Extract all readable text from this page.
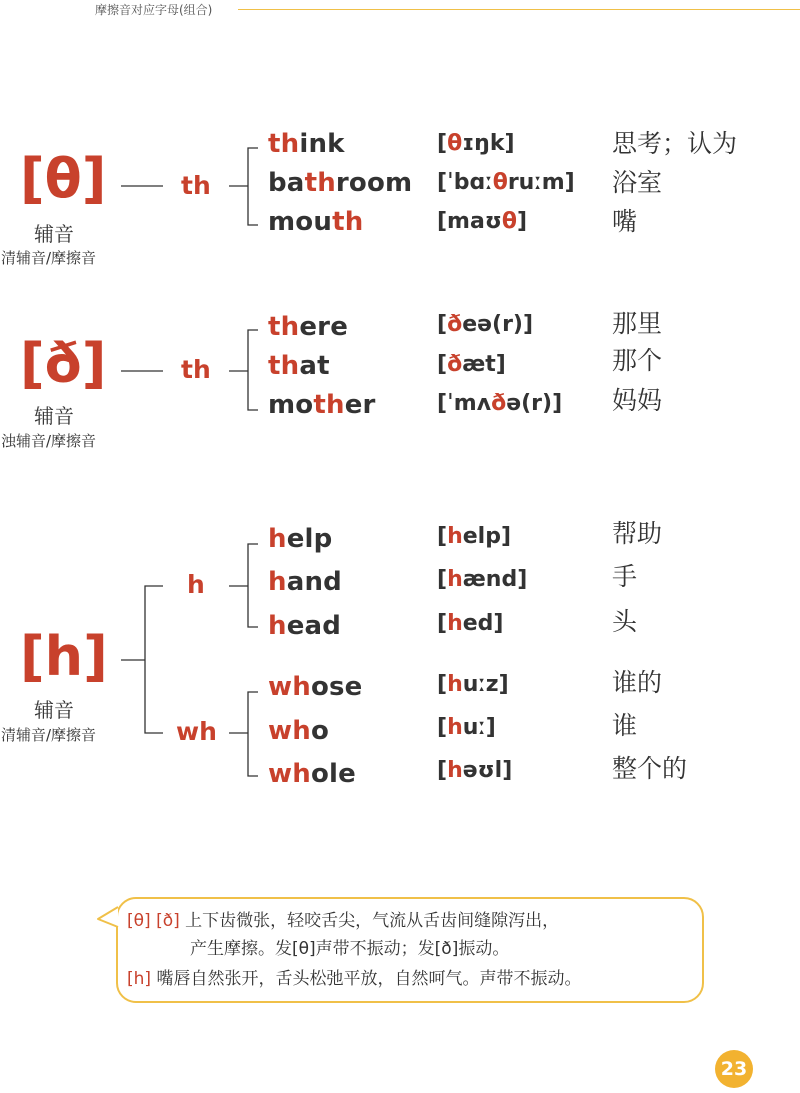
摩擦音对应字母(组合)
[θ]
辅音
清辅音/摩擦音
th
think	[θɪŋk]	思考；认为
bathroom [ˈbɑːθruːm] 浴室
mouth	[maʊθ]	嘴
[ð]
辅音
浊辅音/摩擦音
th
there	[ðeə(r)]	那里
that	[ðæt]	那个
mother	[ˈmʌðə(r)] 妈妈
[h]
辅音
清辅音/摩擦音
h
help	[help]	帮助
hand	[hænd]	手
head	[hed]	头
wh
whose	[huːz]	谁的
who	[huː]	谁
whole	[həʊl]	整个的
[θ] [ð] 上下齿微张，轻咬舌尖，气流从舌齿间缝隙泻出，
产生摩擦。发[θ]声带不振动；发[ð]振动。
[h] 嘴唇自然张开，舌头松弛平放，自然呵气。声带不振动。
23
